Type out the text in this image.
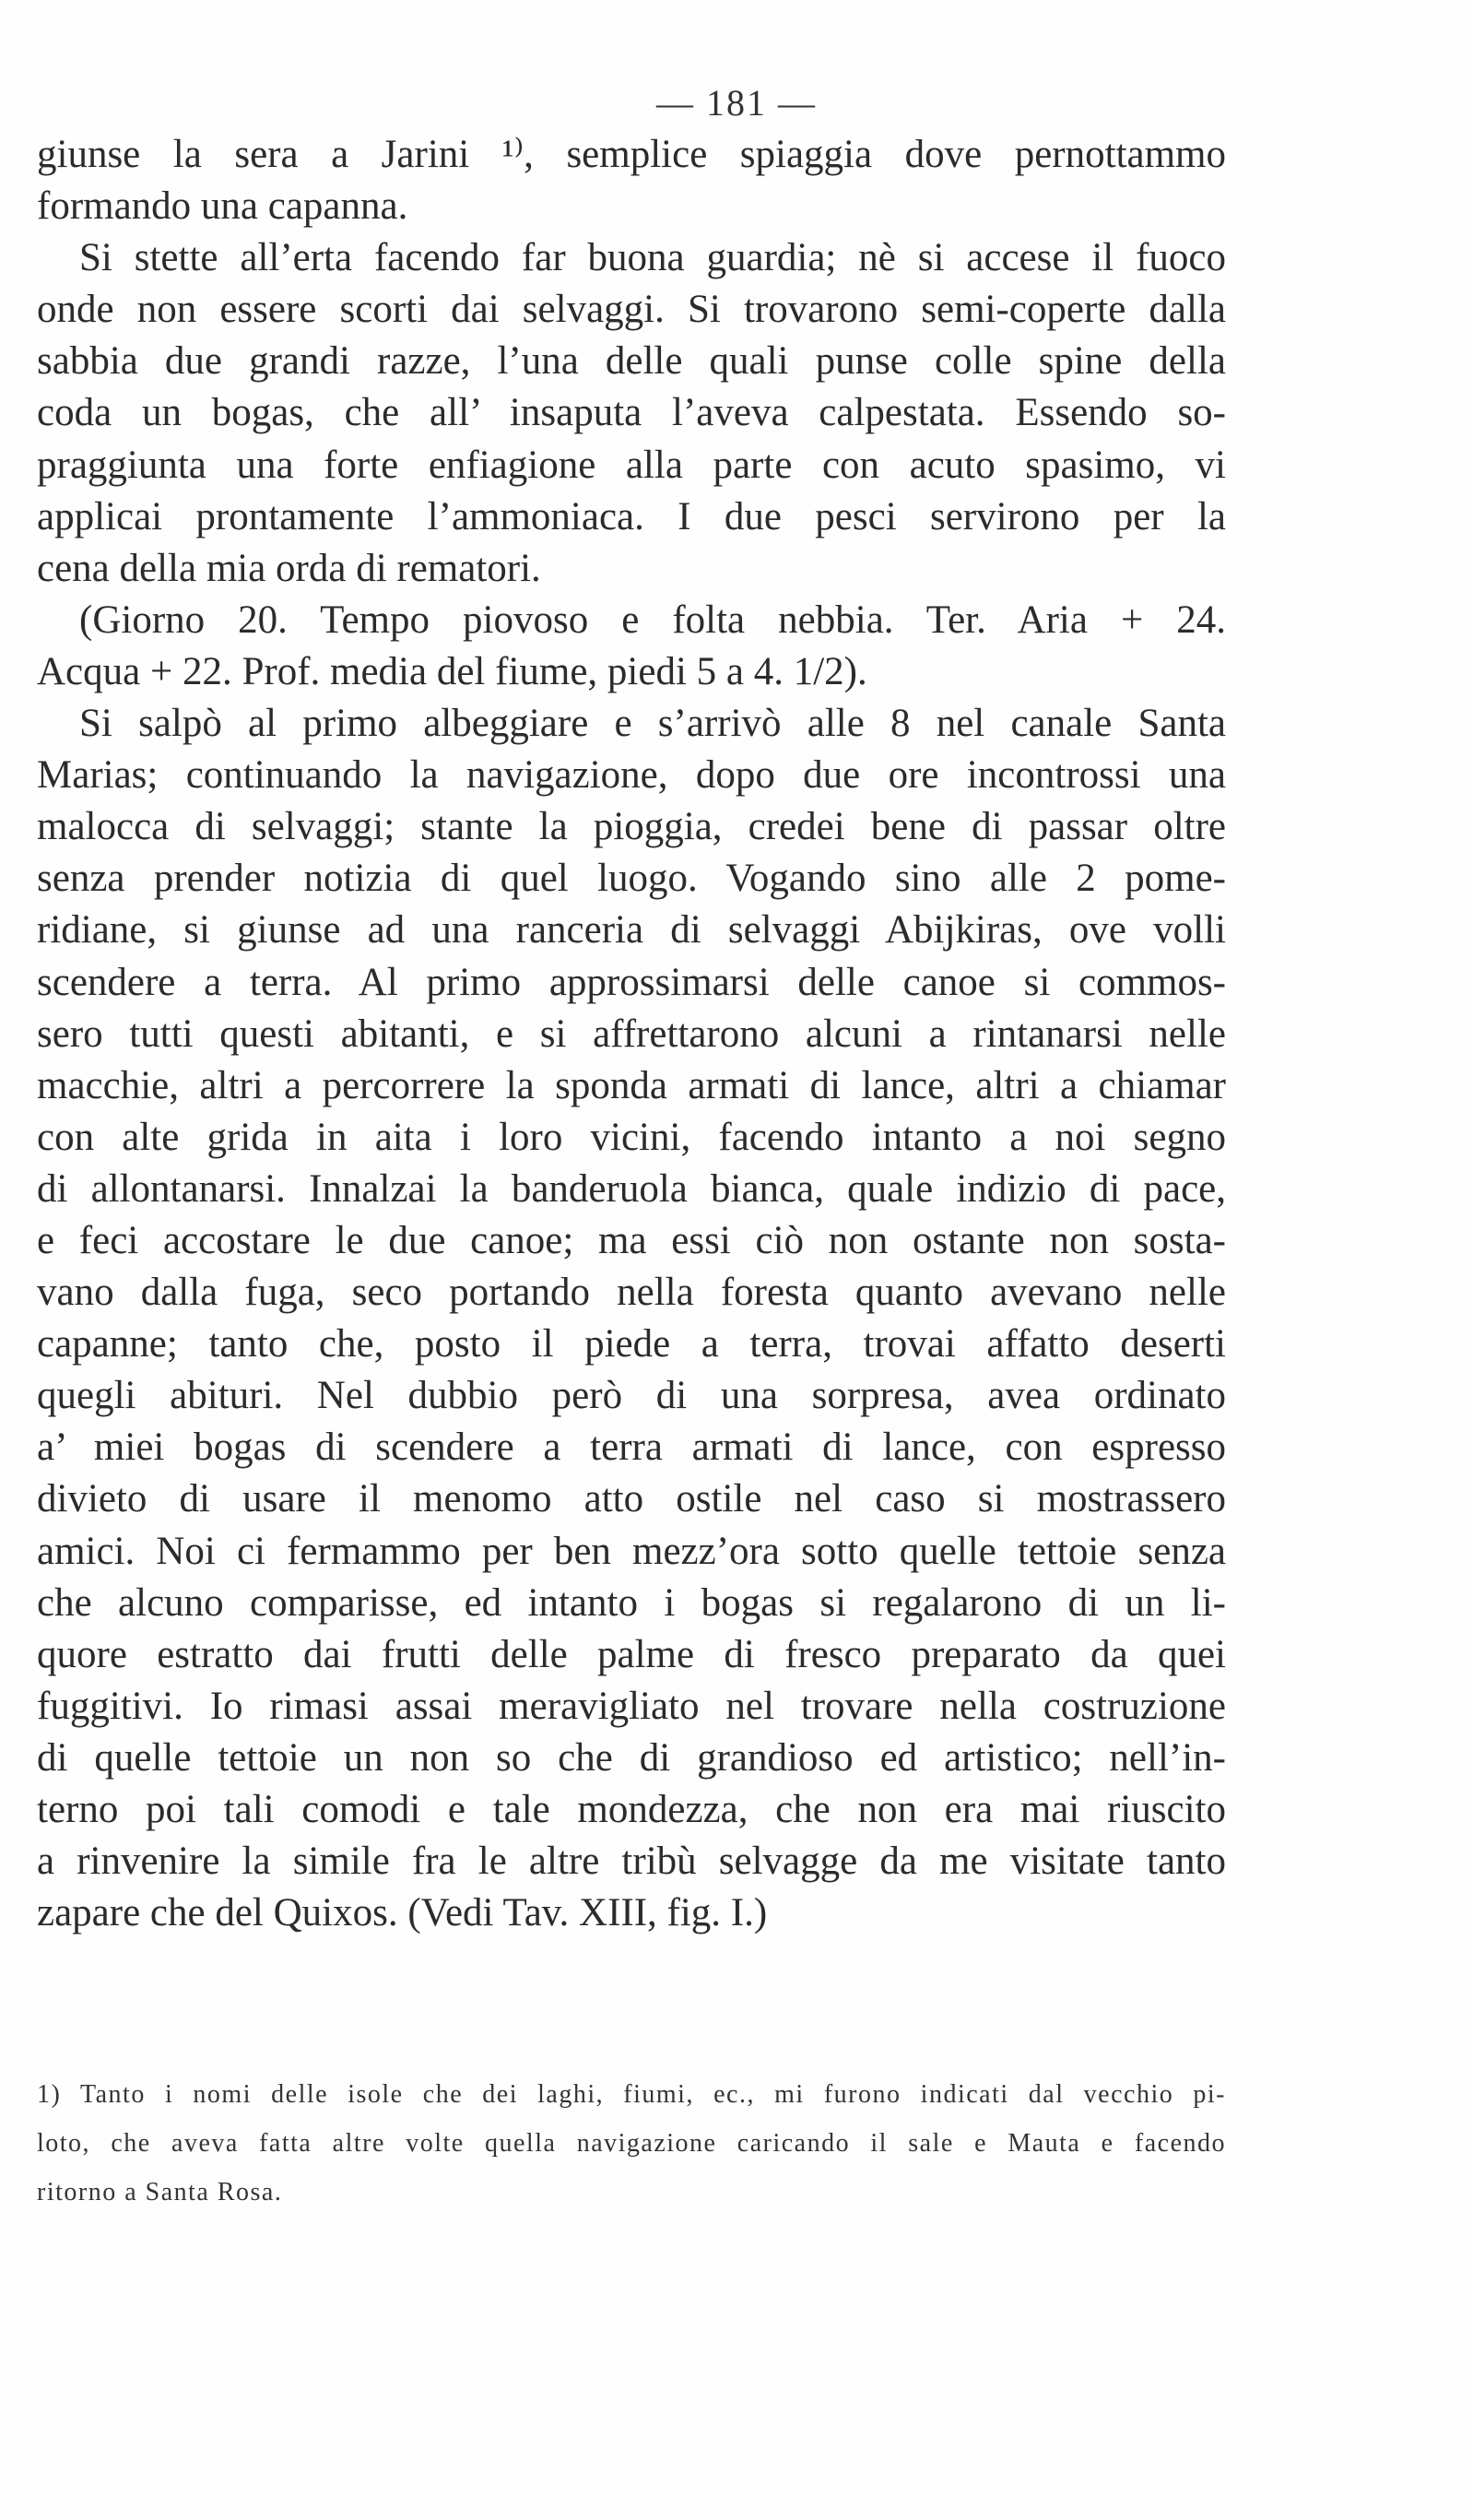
— 181 —
giunse la sera a Jarini ¹⁾, semplice spiaggia dove pernottammo
formando una capanna.
Si stette all’erta facendo far buona guardia; nè si accese il fuoco
onde non essere scorti dai selvaggi. Si trovarono semi-coperte dalla
sabbia due grandi razze, l’una delle quali punse colle spine della
coda un bogas, che all’ insaputa l’aveva calpestata. Essendo so-
praggiunta una forte enfiagione alla parte con acuto spasimo, vi
applicai prontamente l’ammoniaca. I due pesci servirono per la
cena della mia orda di rematori.
(Giorno 20. Tempo piovoso e folta nebbia. Ter. Aria + 24.
Acqua + 22. Prof. media del fiume, piedi 5 a 4. 1/2).
Si salpò al primo albeggiare e s’arrivò alle 8 nel canale Santa
Marias; continuando la navigazione, dopo due ore incontrossi una
malocca di selvaggi; stante la pioggia, credei bene di passar oltre
senza prender notizia di quel luogo. Vogando sino alle 2 pome-
ridiane, si giunse ad una ranceria di selvaggi Abijkiras, ove volli
scendere a terra. Al primo approssimarsi delle canoe si commos-
sero tutti questi abitanti, e si affrettarono alcuni a rintanarsi nelle
macchie, altri a percorrere la sponda armati di lance, altri a chiamar
con alte grida in aita i loro vicini, facendo intanto a noi segno
di allontanarsi. Innalzai la banderuola bianca, quale indizio di pace,
e feci accostare le due canoe; ma essi ciò non ostante non sosta-
vano dalla fuga, seco portando nella foresta quanto avevano nelle
capanne; tanto che, posto il piede a terra, trovai affatto deserti
quegli abituri. Nel dubbio però di una sorpresa, avea ordinato
a’ miei bogas di scendere a terra armati di lance, con espresso
divieto di usare il menomo atto ostile nel caso si mostrassero
amici. Noi ci fermammo per ben mezz’ora sotto quelle tettoie senza
che alcuno comparisse, ed intanto i bogas si regalarono di un li-
quore estratto dai frutti delle palme di fresco preparato da quei
fuggitivi. Io rimasi assai meravigliato nel trovare nella costruzione
di quelle tettoie un non so che di grandioso ed artistico; nell’in-
terno poi tali comodi e tale mondezza, che non era mai riuscito
a rinvenire la simile fra le altre tribù selvagge da me visitate tanto
zapare che del Quixos. (Vedi Tav. XIII, fig. I.)
1) Tanto i nomi delle isole che dei laghi, fiumi, ec., mi furono indicati dal vecchio pi-
loto, che aveva fatta altre volte quella navigazione caricando il sale e Mauta e facendo
ritorno a Santa Rosa.
